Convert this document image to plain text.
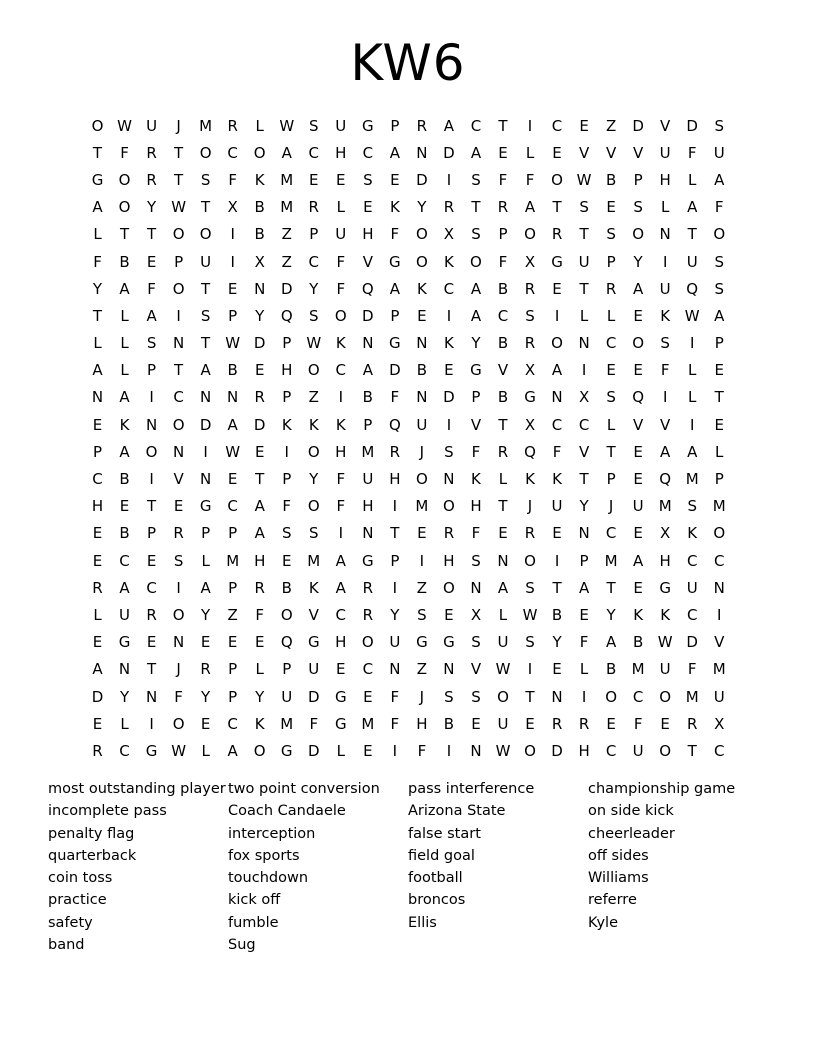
KW6
O W U	J	M	R	L	W S	U	G	P	R	A	C	T	I	C	E	Z	D	V	D	S
T	F	R	T	O	C	O	A	C	H	C	A	N	D	A	E	L	E	V	V	V	U	F	U
G	O	R	T	S	F	K	M	E	E	S	E	D	I	S	F	F	O W B	P	H	L	A
A	O	Y	W	T	X	B	M	R	L	E	K	Y	R	T	R	A	T	S	E	S	L	A	F
L	T	T	O	O	I	B	Z	P	U	H	F	O	X	S	P	O	R	T	S	O	N	T	O
F	B	E	P	U	I	X	Z	C	F	V	G	O	K	O	F	X	G	U	P	Y	I	U	S
Y	A	F	O	T	E	N	D	Y	F	Q	A	K	C	A	B	R	E	T	R	A	U	Q	S
T	L	A	I	S	P	Y	Q	S	O	D	P	E	I	A	C	S	I	L	L	E	K W A
L	L	S	N	T	W D	P	W K	N	G	N	K	Y	B	R	O	N	C	O	S	I	P
A	L	P	T	A	B	E	H	O	C	A	D	B	E	G	V	X	A	I	E	E	F	L	E
N	A	I	C	N	N	R	P	Z	I	B	F	N	D	P	B	G	N	X	S	Q	I	L	T
E	K	N	O	D	A	D	K	K	K	P	Q	U	I	V	T	X	C	C	L	V	V	I	E
P	A	O	N	I	W E	I	O	H M	R	J	S	F	R	Q	F	V	T	E	A	A	L
C	B	I	V	N	E	T	P	Y	F	U	H	O	N	K	L	K	K	T	P	E	Q M	P
H	E	T	E	G	C	A	F	O	F	H	I	M O	H	T	J	U	Y	J	U	M	S	M
E	B	P	R	P	P	A	S	S	I	N	T	E	R	F	E	R	E	N	C	E	X	K	O
E	C	E	S	L	M H	E	M	A	G	P	I	H	S	N	O	I	P	M	A	H	C	C
R	A	C	I	A	P	R	B	K	A	R	I	Z	O	N	A	S	T	A	T	E	G	U	N
L	U	R	O	Y	Z	F	O	V	C	R	Y	S	E	X	L	W B	E	Y	K	K	C	I
E	G	E	N	E	E	E	Q	G	H	O	U	G	G	S	U	S	Y	F	A	B W D	V
A	N	T	J	R	P	L	P	U	E	C	N	Z	N	V W	I	E	L	B	M	U	F	M
D	Y	N	F	Y	P	Y	U	D	G	E	F	J	S	S	O	T	N	I	O	C	O M	U
E	L	I	O	E	C	K	M	F	G M	F	H	B	E	U	E	R	R	E	F	E	R	X
R	C	G W	L	A	O	G	D	L	E	I	F	I	N W O	D	H	C	U	O	T	C
most outstanding player
incomplete pass
penalty flag
quarterback
coin toss
practice
safety
band
two point conversion
Coach Candaele
interception
fox sports
touchdown
kick off
fumble
Sug
pass interference
Arizona State
false start
field goal
football
broncos
Ellis
championship game
on side kick
cheerleader
off sides
Williams
referre
Kyle
